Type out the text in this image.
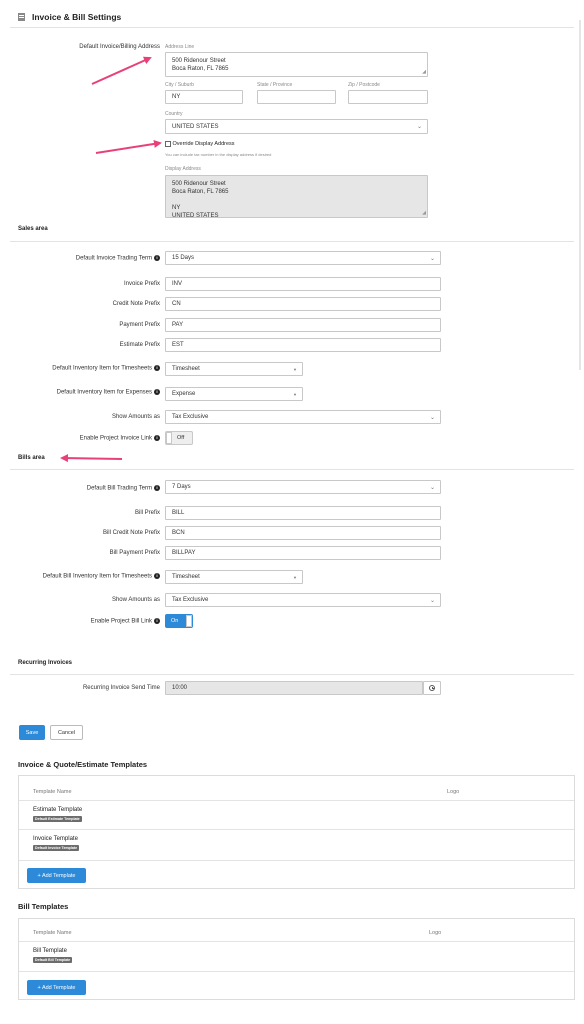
Invoice & Bill Settings
Default Invoice/Billing Address Address Line
500 Ridenour Street
Boca Raton, FL 7865	◢
City / Suburb	State / Province	Zip / Postcode
NY
Country
UNITED STATES	⌄
Override Display Address
You can include tax number in the display address if desired
Display Address
500 Ridenour Street
Boca Raton, FL 7865
NY
UNITED STATES	◢
Sales area
Default Invoice Trading Term i	15 Days	⌄
Invoice Prefix INV
Credit Note Prefix CN
Payment Prefix PAY
Estimate Prefix EST
Default Inventory Item for Timesheets i	Timesheet	▼
Default Inventory Item for Expenses i	Expense	▼
Show Amounts as Tax Exclusive	⌄
Enable Project Invoice Link i	Off
Bills area
Default Bill Trading Term i	7 Days	⌄
Bill Prefix BILL
Bill Credit Note Prefix BCN
Bill Payment Prefix BILLPAY
Default Bill Inventory Item for Timesheets i	Timesheet	▼
Show Amounts as Tax Exclusive	⌄
Enable Project Bill Link i	On
Recurring Invoices
Recurring Invoice Send Time 10:00
Save	Cancel
Invoice & Quote/Estimate Templates
Template Name	Logo
Estimate Template
Default Estimate Template
Invoice Template
Default Invoice Template
+ Add Template
Bill Templates
Template Name	Logo
Bill Template
Default Bill Template
+ Add Template
